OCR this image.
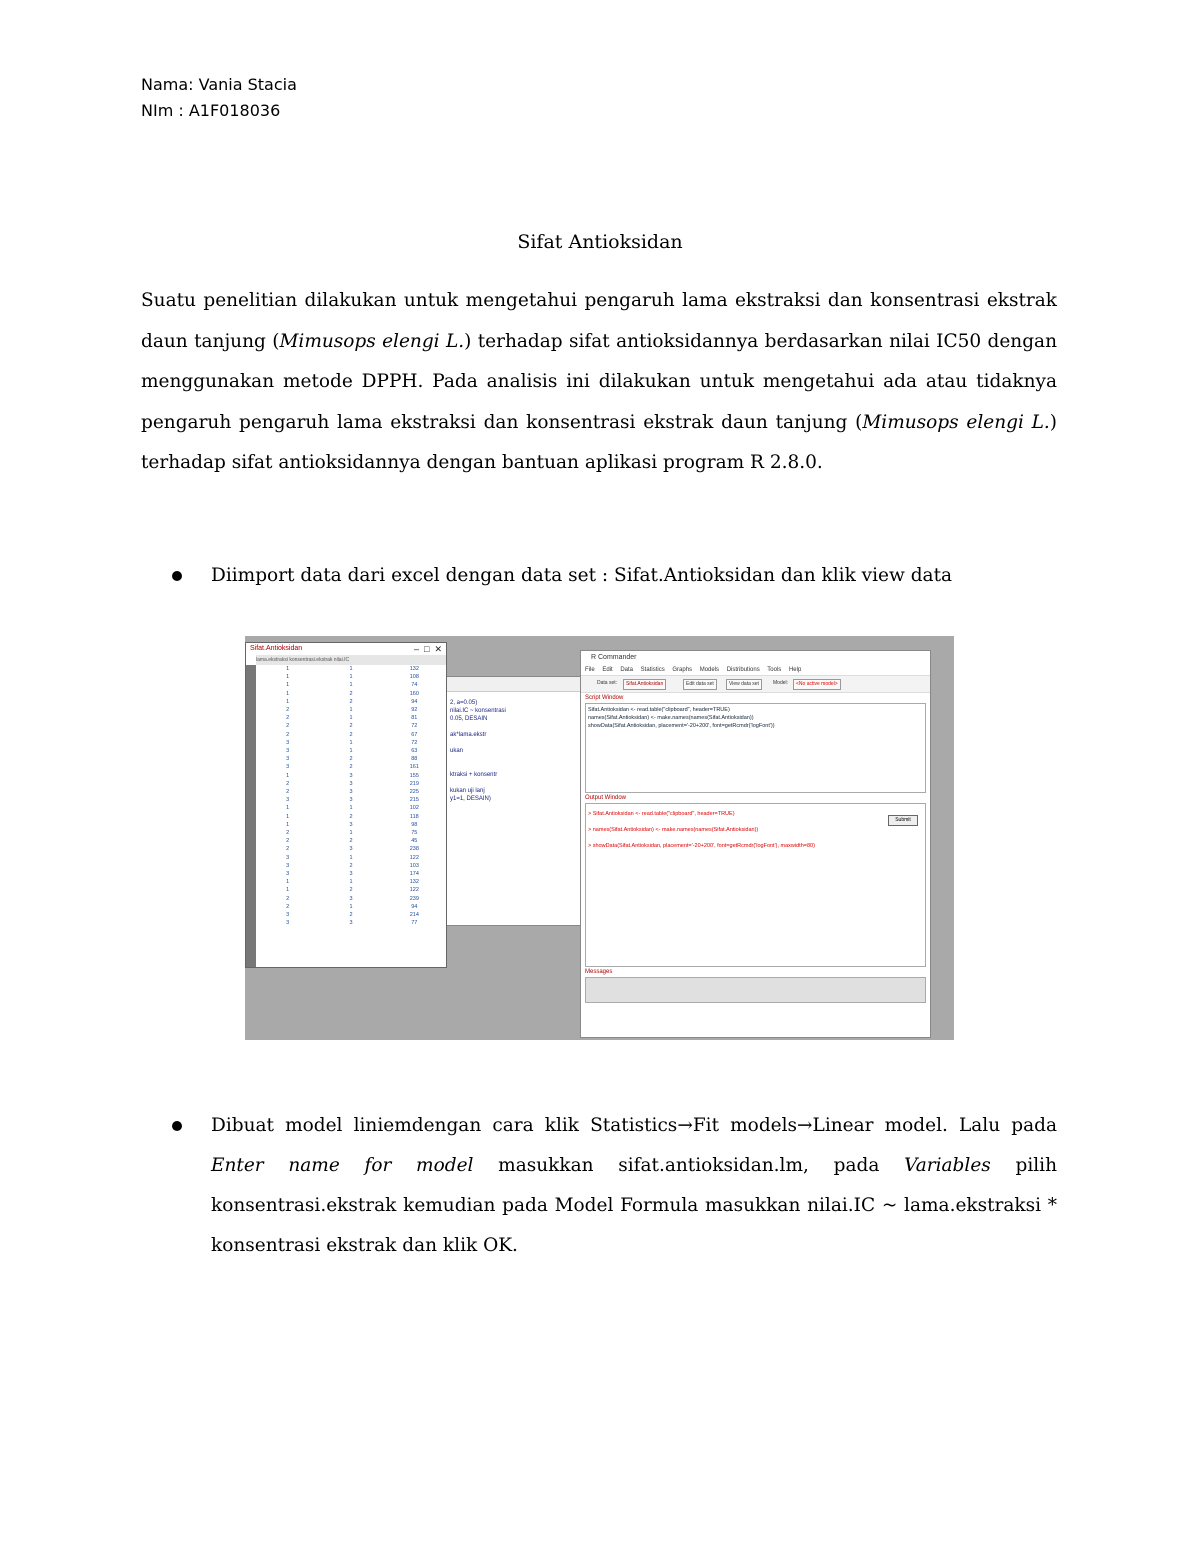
Nama: Vania Stacia
NIm : A1F018036
Sifat Antioksidan
Suatu penelitian dilakukan untuk mengetahui pengaruh lama ekstraksi dan konsentrasi ekstrak daun tanjung (Mimusops elengi L.) terhadap sifat antioksidannya berdasarkan nilai IC50 dengan menggunakan metode DPPH. Pada analisis ini dilakukan untuk mengetahui ada atau tidaknya pengaruh pengaruh lama ekstraksi dan konsentrasi ekstrak daun tanjung (Mimusops elengi L.) terhadap sifat antioksidannya dengan bantuan aplikasi program R 2.8.0.
Diimport data dari excel dengan data set : Sifat.Antioksidan dan klik view data
2, a=0.05)
nilai.IC ~ konsentrasi
0.05, DESAIN

ak*lama.ekstr

ukan

ktraksi + konsentr

kukan uji lanj
y1=1, DESAIN)
Sifat.Antioksidan	–  □  ✕
lama.ekstraksi konsentrasi.ekstrak nilai.IC
1	1	132
1	1	108
1	1	74
1	2	160
1	2	94
2	1	92
2	1	81
2	2	72
2	2	67
3	1	72
3	1	63
3	2	88
3	2	161
1	3	155
2	3	219
2	3	225
3	3	215
1	1	102
1	2	118
1	3	98
2	1	75
2	2	45
2	3	238
3	1	122
3	2	103
3	3	174
1	1	132
1	2	122
2	3	239
2	1	94
3	2	214
3	3	77
R Commander
File Edit Data Statistics Graphs Models Distributions Tools Help
Data set:	Sifat.Antioksidan	Edit data set	View data set	Model:	<No active model>
Script Window
Sifat.Antioksidan <- read.table("clipboard", header=TRUE)
names(Sifat.Antioksidan) <- make.names(names(Sifat.Antioksidan))
showData(Sifat.Antioksidan, placement='-20+200', font=getRcmdr('logFont'))
Output Window
Submit
> Sifat.Antioksidan <- read.table("clipboard", header=TRUE)
> names(Sifat.Antioksidan) <- make.names(names(Sifat.Antioksidan))
> showData(Sifat.Antioksidan, placement='-20+200', font=getRcmdr('logFont'), maxwidth=80)
Messages
Dibuat model liniemdengan cara klik Statistics→Fit models→Linear model. Lalu pada Enter name for model masukkan sifat.antioksidan.lm, pada Variables pilih konsentrasi.ekstrak kemudian pada Model Formula masukkan nilai.IC ~ lama.ekstraksi * konsentrasi ekstrak dan klik OK.
